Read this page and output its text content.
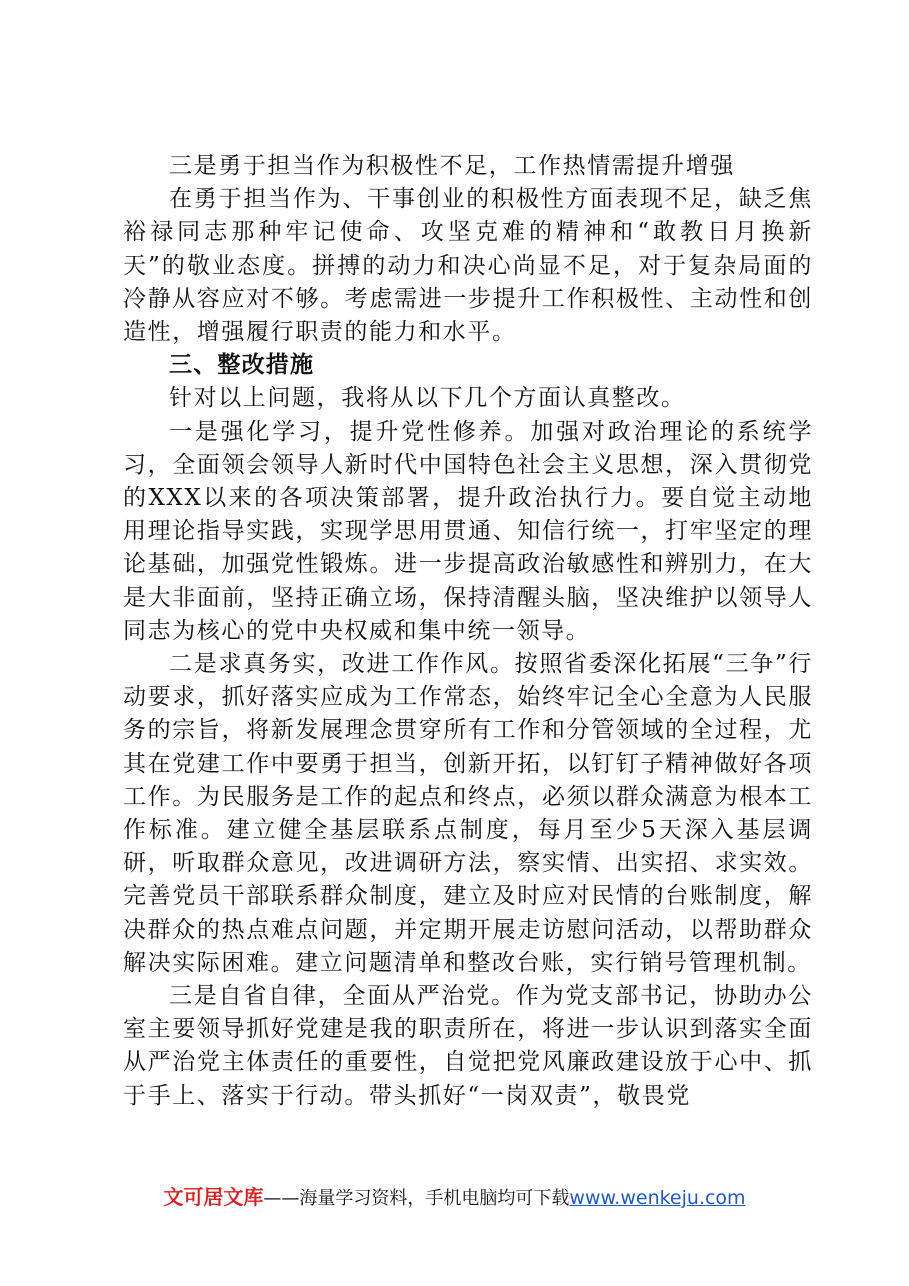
三是勇于担当作为积极性不足，工作热情需提升增强

在勇于担当作为、干事创业的积极性方面表现不足，缺乏焦裕禄同志那种牢记使命、攻坚克难的精神和“敢教日月换新天”的敬业态度。拼搏的动力和决心尚显不足，对于复杂局面的冷静从容应对不够。考虑需进一步提升工作积极性、主动性和创造性，增强履行职责的能力和水平。

三、整改措施

针对以上问题，我将从以下几个方面认真整改。

一是强化学习，提升党性修养。加强对政治理论的系统学习，全面领会领导人新时代中国特色社会主义思想，深入贯彻党的XXX以来的各项决策部署，提升政治执行力。要自觉主动地用理论指导实践，实现学思用贯通、知信行统一，打牢坚定的理论基础，加强党性锻炼。进一步提高政治敏感性和辨别力，在大是大非面前，坚持正确立场，保持清醒头脑，坚决维护以领导人同志为核心的党中央权威和集中统一领导。

二是求真务实，改进工作作风。按照省委深化拓展“三争”行动要求，抓好落实应成为工作常态，始终牢记全心全意为人民服务的宗旨，将新发展理念贯穿所有工作和分管领域的全过程，尤其在党建工作中要勇于担当，创新开拓，以钉钉子精神做好各项工作。为民服务是工作的起点和终点，必须以群众满意为根本工作标准。建立健全基层联系点制度，每月至少5天深入基层调研，听取群众意见，改进调研方法，察实情、出实招、求实效。完善党员干部联系群众制度，建立及时应对民情的台账制度，解决群众的热点难点问题，并定期开展走访慰问活动，以帮助群众解决实际困难。建立问题清单和整改台账，实行销号管理机制。

三是自省自律，全面从严治党。作为党支部书记，协助办公室主要领导抓好党建是我的职责所在，将进一步认识到落实全面从严治党主体责任的重要性，自觉把党风廉政建设放于心中、抓于手上、落实于行动。带头抓好“一岗双责”，敬畏党

文可居文库——海量学习资料，手机电脑均可下载www.wenkeju.com
